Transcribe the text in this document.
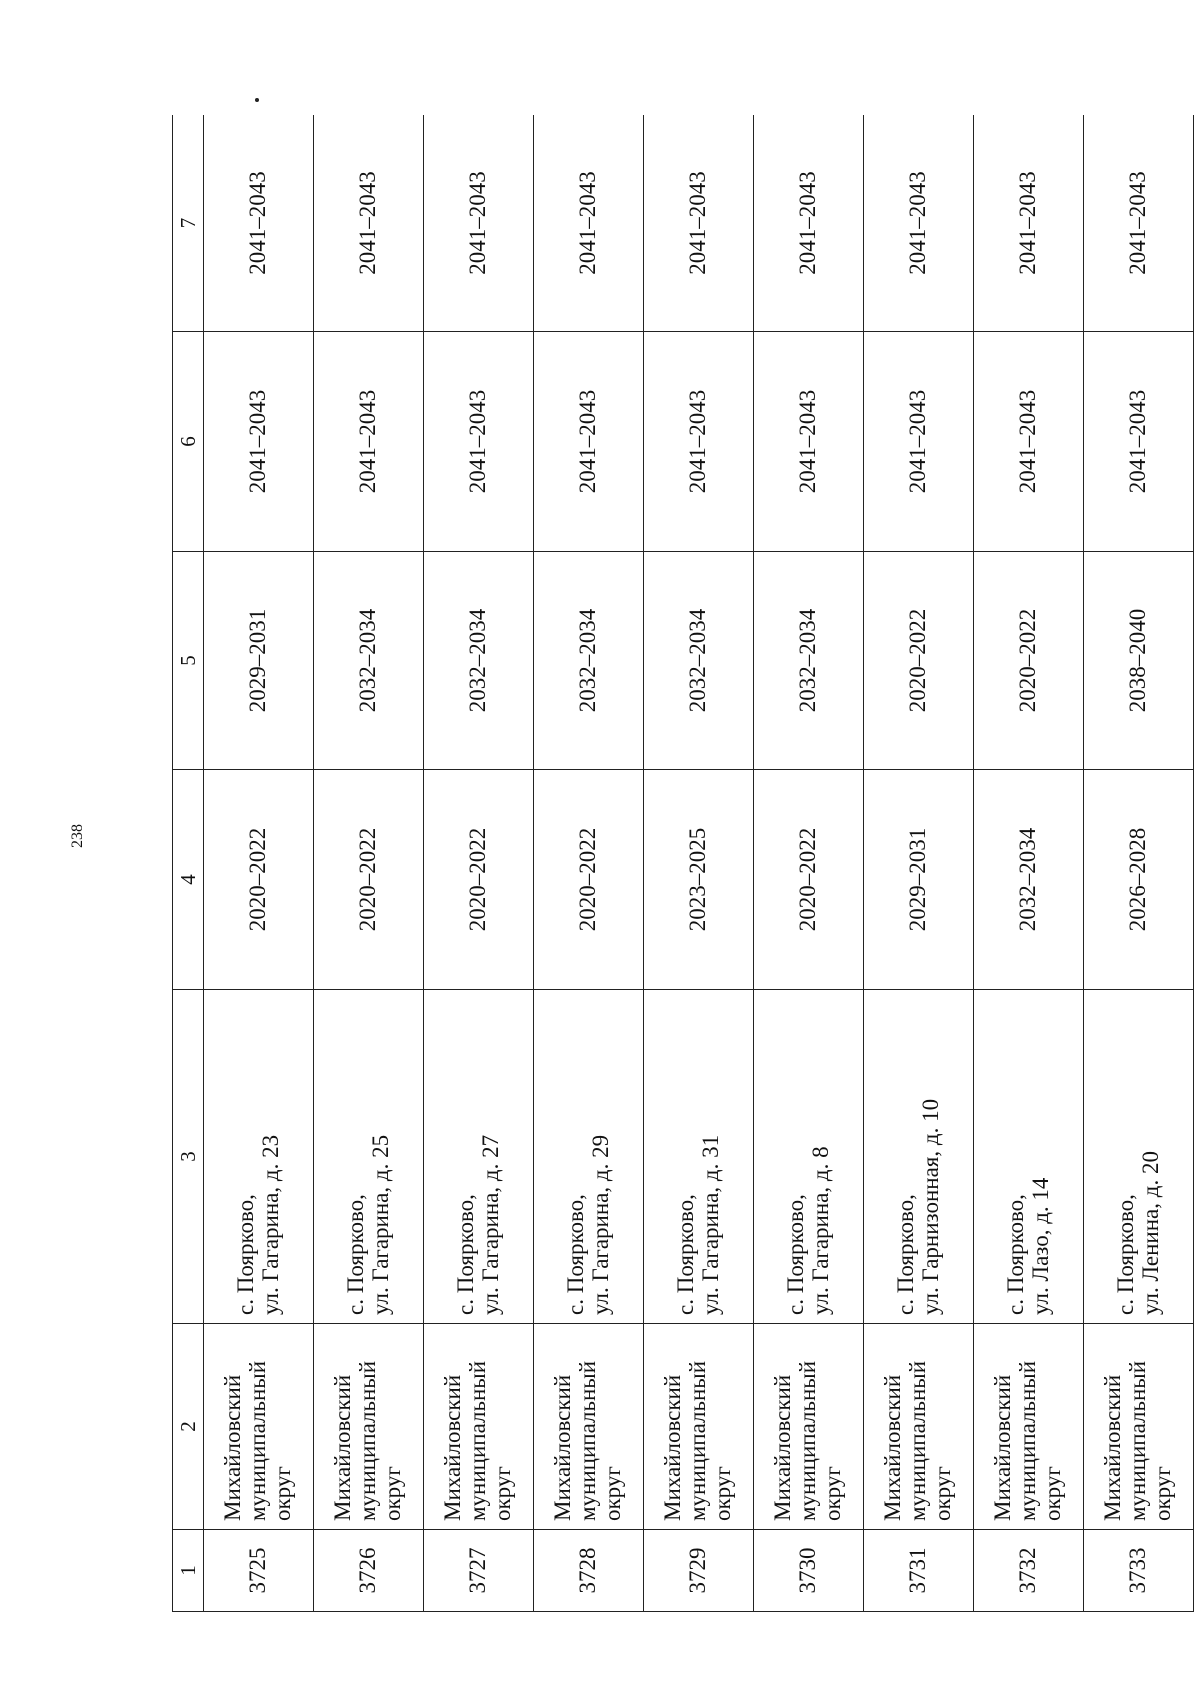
238
1	2	3	4	5	6	7
3725	Михайловский муниципальный округ	с. Поярково, ул. Гагарина, д. 23	2020–2022	2029–2031	2041–2043	2041–2043
3726	Михайловский муниципальный округ	с. Поярково, ул. Гагарина, д. 25	2020–2022	2032–2034	2041–2043	2041–2043
3727	Михайловский муниципальный округ	с. Поярково, ул. Гагарина, д. 27	2020–2022	2032–2034	2041–2043	2041–2043
3728	Михайловский муниципальный округ	с. Поярково, ул. Гагарина, д. 29	2020–2022	2032–2034	2041–2043	2041–2043
3729	Михайловский муниципальный округ	с. Поярково, ул. Гагарина, д. 31	2023–2025	2032–2034	2041–2043	2041–2043
3730	Михайловский муниципальный округ	с. Поярково, ул. Гагарина, д. 8	2020–2022	2032–2034	2041–2043	2041–2043
3731	Михайловский муниципальный округ	с. Поярково, ул. Гарнизонная, д. 10	2029–2031	2020–2022	2041–2043	2041–2043
3732	Михайловский муниципальный округ	с. Поярково, ул. Лазо, д. 14	2032–2034	2020–2022	2041–2043	2041–2043
3733	Михайловский муниципальный округ	с. Поярково, ул. Ленина, д. 20	2026–2028	2038–2040	2041–2043	2041–2043
